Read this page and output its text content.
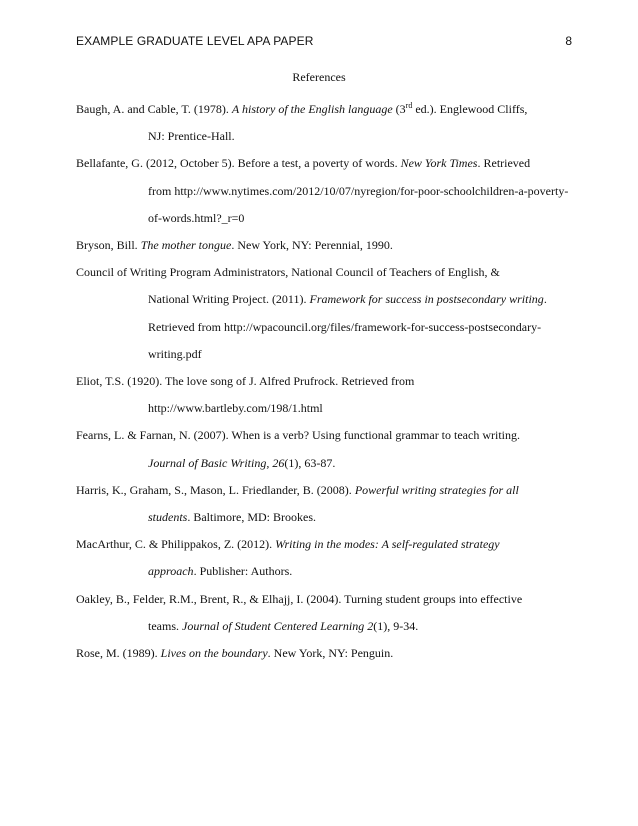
EXAMPLE GRADUATE LEVEL APA PAPER	8
References
Baugh, A. and Cable, T. (1978). A history of the English language (3rd ed.). Englewood Cliffs,
NJ: Prentice-Hall.
Bellafante, G. (2012, October 5). Before a test, a poverty of words. New York Times. Retrieved
from http://www.nytimes.com/2012/10/07/nyregion/for-poor-schoolchildren-a-poverty-
of-words.html?_r=0
Bryson, Bill. The mother tongue. New York, NY: Perennial, 1990.
Council of Writing Program Administrators, National Council of Teachers of English, &
National Writing Project. (2011). Framework for success in postsecondary writing.
Retrieved from http://wpacouncil.org/files/framework-for-success-postsecondary-
writing.pdf
Eliot, T.S. (1920). The love song of J. Alfred Prufrock. Retrieved from
http://www.bartleby.com/198/1.html
Fearns, L. & Farnan, N. (2007). When is a verb? Using functional grammar to teach writing.
Journal of Basic Writing, 26(1), 63-87.
Harris, K., Graham, S., Mason, L. Friedlander, B. (2008). Powerful writing strategies for all
students. Baltimore, MD: Brookes.
MacArthur, C. & Philippakos, Z. (2012). Writing in the modes: A self-regulated strategy
approach. Publisher: Authors.
Oakley, B., Felder, R.M., Brent, R., & Elhajj, I. (2004). Turning student groups into effective
teams. Journal of Student Centered Learning 2(1), 9-34.
Rose, M. (1989). Lives on the boundary. New York, NY: Penguin.
